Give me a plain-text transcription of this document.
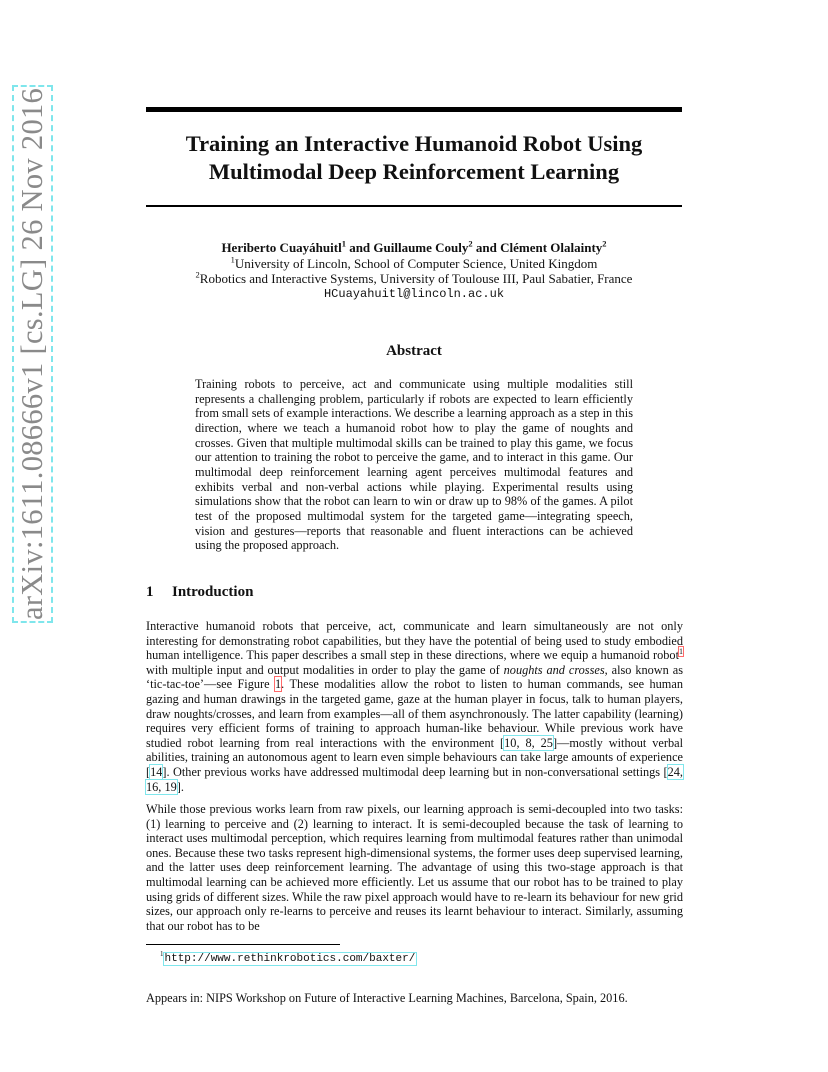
arXiv:1611.08666v1 [cs.LG] 26 Nov 2016	Training an Interactive Humanoid Robot Using
Multimodal Deep Reinforcement Learning
Heriberto Cuayáhuitl$^1$ and Guillaume Couly$^2$ and Clément Olalainty$^2$
$^1$University of Lincoln, School of Computer Science, United Kingdom
$^2$Robotics and Interactive Systems, University of Toulouse III, Paul Sabatier, France
HCuayahuitl@lincoln.ac.uk
Abstract
Training robots to perceive, act and communicate using multiple modalities still represents a challenging problem, particularly if robots are expected to learn efficiently from small sets of example interactions. We describe a learning approach as a step in this direction, where we teach a humanoid robot how to play the game of noughts and crosses. Given that multiple multimodal skills can be trained to play this game, we focus our attention to training the robot to perceive the game, and to interact in this game. Our multimodal deep reinforcement learning agent perceives multimodal features and exhibits verbal and non-verbal actions while playing. Experimental results using simulations show that the robot can learn to win or draw up to 98% of the games. A pilot test of the proposed multimodal system for the targeted game—integrating speech, vision and gestures—reports that reasonable and fluent interactions can be achieved using the proposed approach.
1 Introduction
Interactive humanoid robots that perceive, act, communicate and learn simultaneously are not only interesting for demonstrating robot capabilities, but they have the potential of being used to study embodied human intelligence. This paper describes a small step in these directions, where we equip a humanoid robot$^1$ with multiple input and output modalities in order to play the game of noughts and crosses, also known as ‘tic-tac-toe’—see Figure 1. These modalities allow the robot to listen to human commands, see human gazing and human drawings in the targeted game, gaze at the human player in focus, talk to human players, draw noughts/crosses, and learn from examples—all of them asynchronously. The latter capability (learning) requires very efficient forms of training to approach human-like behaviour. While previous work have studied robot learning from real interactions with the environment [10, 8, 25]—mostly without verbal abilities, training an autonomous agent to learn even simple behaviours can take large amounts of experience [14]. Other previous works have addressed multimodal deep learning but in non-conversational settings [24, 16, 19].
While those previous works learn from raw pixels, our learning approach is semi-decoupled into two tasks: (1) learning to perceive and (2) learning to interact. It is semi-decoupled because the task of learning to interact uses multimodal perception, which requires learning from multimodal features rather than unimodal ones. Because these two tasks represent high-dimensional systems, the former uses deep supervised learning, and the latter uses deep reinforcement learning. The advantage of using this two-stage approach is that multimodal learning can be achieved more efficiently. Let us assume that our robot has to be trained to play using grids of different sizes. While the raw pixel approach would have to re-learn its behaviour for new grid sizes, our approach only re-learns to perceive and reuses its learnt behaviour to interact. Similarly, assuming that our robot has to be
$^1$http://www.rethinkrobotics.com/baxter/
Appears in: NIPS Workshop on Future of Interactive Learning Machines, Barcelona, Spain, 2016.
